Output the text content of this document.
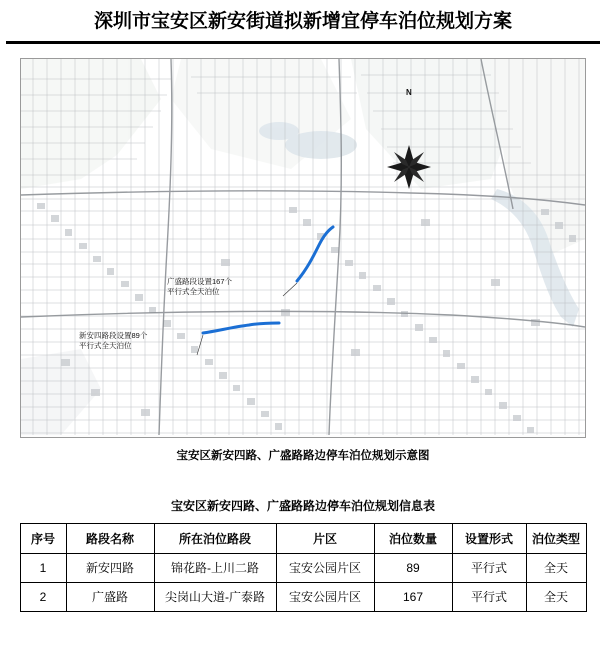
深圳市宝安区新安街道拟新增宜停车泊位规划方案
N
广盛路段设置167个
平行式全天泊位
新安四路段设置89个
平行式全天泊位
宝安区新安四路、广盛路路边停车泊位规划示意图
宝安区新安四路、广盛路路边停车泊位规划信息表
序号	路段名称	所在泊位路段	片区	泊位数量	设置形式	泊位类型
1	新安四路	锦花路-上川二路	宝安公园片区	89	平行式	全天
2	广盛路	尖岗山大道-广泰路	宝安公园片区	167	平行式	全天
